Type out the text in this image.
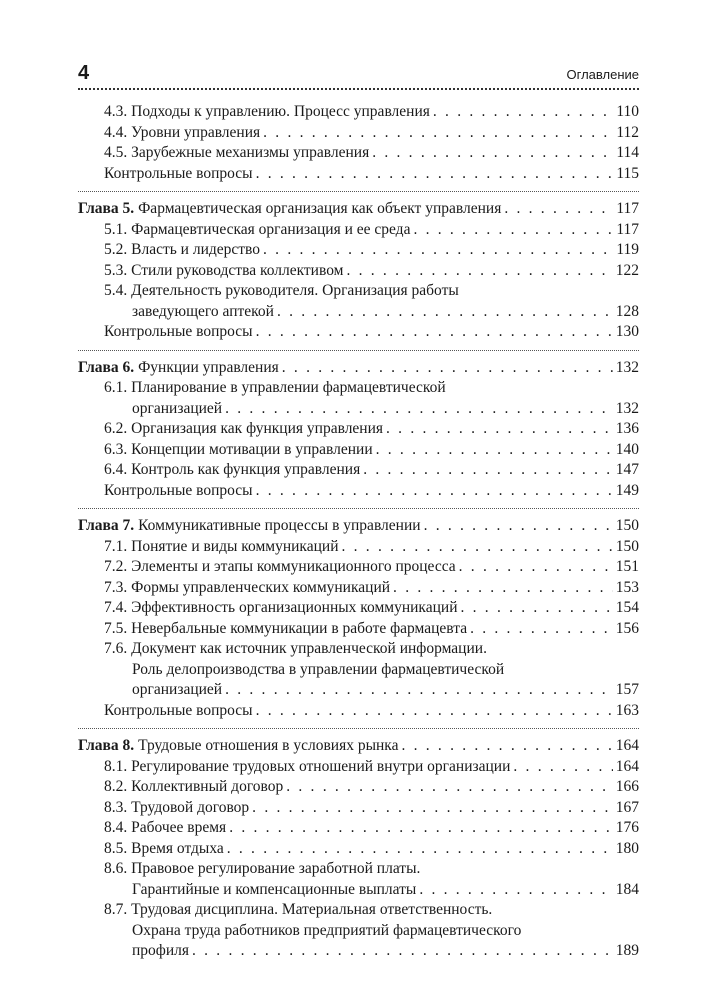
4	Оглавление
4.3. Подходы к управлению. Процесс управления . . .	110
4.4. Уровни управления . . .	112
4.5. Зарубежные механизмы управления . . .	114
Контрольные вопросы . . .	115
Глава 5. Фармацевтическая организация как объект управления . . .	117
5.1. Фармацевтическая организация и ее среда . . .	117
5.2. Власть и лидерство . . .	119
5.3. Стили руководства коллективом . . .	122
5.4. Деятельность руководителя. Организация работы
заведующего аптекой . . .	128
Контрольные вопросы . . .	130
Глава 6. Функции управления . . .	132
6.1. Планирование в управлении фармацевтической
организацией . . .	132
6.2. Организация как функция управления . . .	136
6.3. Концепции мотивации в управлении . . .	140
6.4. Контроль как функция управления . . .	147
Контрольные вопросы . . .	149
Глава 7. Коммуникативные процессы в управлении . . .	150
7.1. Понятие и виды коммуникаций . . .	150
7.2. Элементы и этапы коммуникационного процесса . . .	151
7.3. Формы управленческих коммуникаций . . .	153
7.4. Эффективность организационных коммуникаций . . .	154
7.5. Невербальные коммуникации в работе фармацевта . . .	156
7.6. Документ как источник управленческой информации.
Роль делопроизводства в управлении фармацевтической
организацией . . .	157
Контрольные вопросы . . .	163
Глава 8. Трудовые отношения в условиях рынка . . .	164
8.1. Регулирование трудовых отношений внутри организации . . .	164
8.2. Коллективный договор . . .	166
8.3. Трудовой договор . . .	167
8.4. Рабочее время . . .	176
8.5. Время отдыха . . .	180
8.6. Правовое регулирование заработной платы.
Гарантийные и компенсационные выплаты . . .	184
8.7. Трудовая дисциплина. Материальная ответственность.
Охрана труда работников предприятий фармацевтического
профиля . . .	189
